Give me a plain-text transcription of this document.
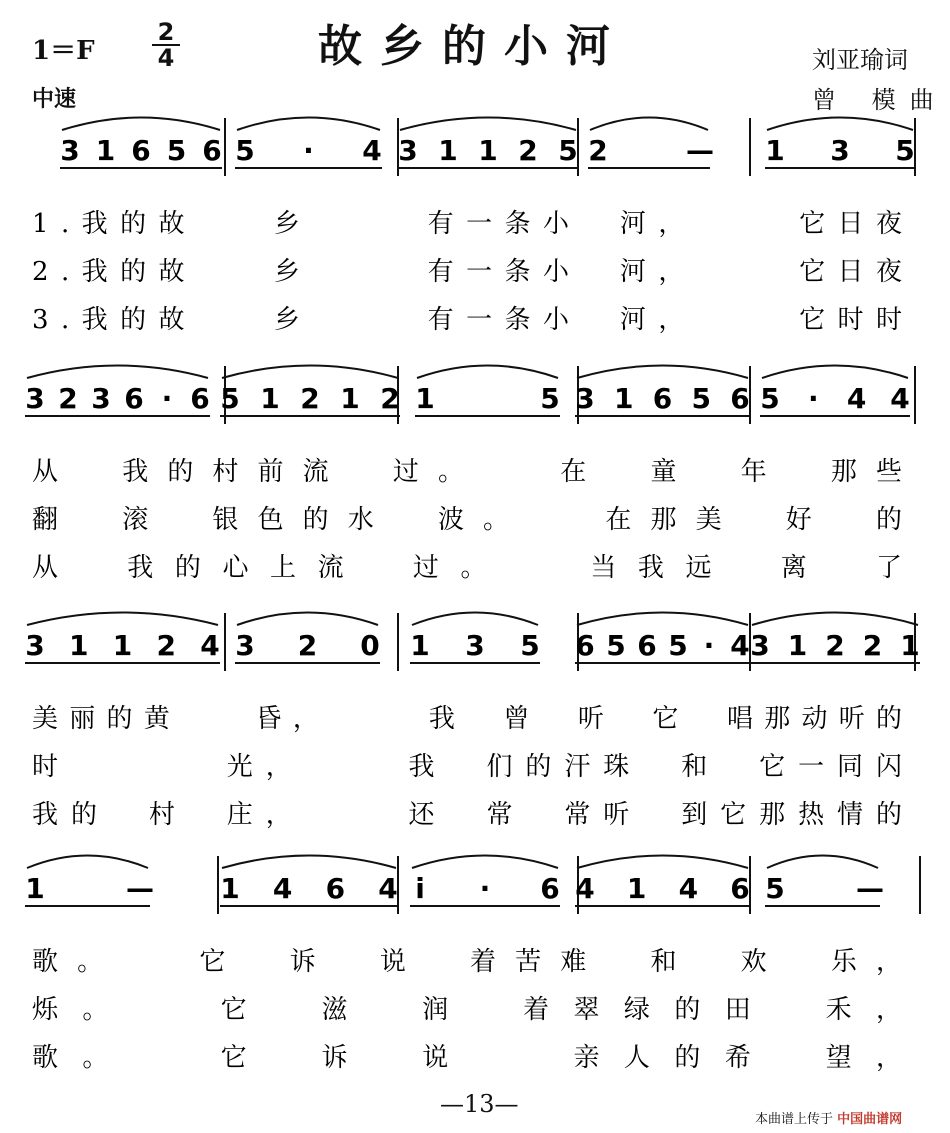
1＝F
2
4	故乡的小河
中速
刘亚瑜词
曾 模曲
3 1 6 5 6 5 · 4 3 1 1 2 5 2	— 1 3 5
1.我的故　　乡　　　有一条小　河，　　　它日夜
2.我的故　　乡　　　有一条小　河，　　　它日夜
3.我的故　　乡　　　有一条小　河，　　　它时时
3 2 3 6 · 6 5 1 2 1 2 1	5 3 1 6 5 6 5 · 4 4
从　我的村前流　过。　　在　童　年　那些
翻　滚　银色的水　波。　　在那美　好　的
从　我的心上流　过。　　当我远　离　了
3 1 1 2 4 3 2 0 1 3 5 6 5 6 5 · 4 3 1 2 2 1
美丽的黄　　昏，　　　我　曾　听　它　唱那动听的
时　　　　光，　　　我　们的汗珠　和　它一同闪
我的　村　庄，　　　还　常　常听　到它那热情的
1	— 1 4 6 4 i · 6 4 1 4 6 5	—
歌。　　它　诉　说　着苦难　和　欢　乐，
烁。　　它　滋　润　着翠绿的田　禾，
歌。　　它　诉　说　　亲人的希　望，
—13—
本曲谱上传于 中国曲谱网
